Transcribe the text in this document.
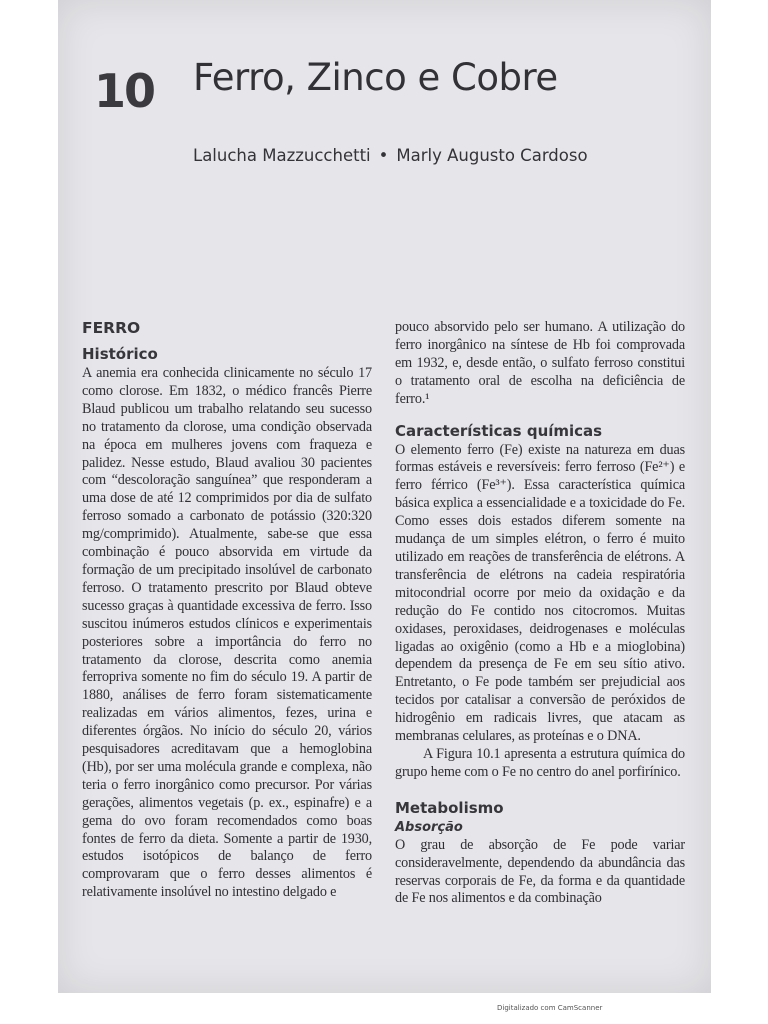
10 Ferro, Zinco e Cobre
Lalucha Mazzucchetti • Marly Augusto Cardoso
FERRO
Histórico

A anemia era conhecida clinicamente no século 17 como clorose. Em 1832, o médico francês Pierre Blaud publicou um trabalho relatando seu sucesso no tratamento da clorose, uma condição observada na época em mulheres jovens com fraqueza e palidez. Nesse estudo, Blaud avaliou 30 pacientes com “descoloração sanguínea” que responderam a uma dose de até 12 comprimidos por dia de sulfato ferroso somado a carbonato de potássio (320:320 mg/comprimido). Atualmente, sabe-se que essa combinação é pouco absorvida em virtude da formação de um precipitado insolúvel de carbonato ferroso. O tratamento prescrito por Blaud obteve sucesso graças à quantidade excessiva de ferro. Isso suscitou inúmeros estudos clínicos e experimentais posteriores sobre a importância do ferro no tratamento da clorose, descrita como anemia ferropriva somente no fim do século 19. A partir de 1880, análises de ferro foram sistematicamente realizadas em vários alimentos, fezes, urina e diferentes órgãos. No início do século 20, vários pesquisadores acreditavam que a hemoglobina (Hb), por ser uma molécula grande e complexa, não teria o ferro inorgânico como precursor. Por várias gerações, alimentos vegetais (p. ex., espinafre) e a gema do ovo foram recomendados como boas fontes de ferro da dieta. Somente a partir de 1930, estudos isotópicos de balanço de ferro comprovaram que o ferro desses alimentos é relativamente insolúvel no intestino delgado e

pouco absorvido pelo ser humano. A utilização do ferro inorgânico na síntese de Hb foi comprovada em 1932, e, desde então, o sulfato ferroso constitui o tratamento oral de escolha na deficiência de ferro.¹

Características químicas

O elemento ferro (Fe) existe na natureza em duas formas estáveis e reversíveis: ferro ferroso (Fe²⁺) e ferro férrico (Fe³⁺). Essa característica química básica explica a essencialidade e a toxicidade do Fe. Como esses dois estados diferem somente na mudança de um simples elétron, o ferro é muito utilizado em reações de transferência de elétrons. A transferência de elétrons na cadeia respiratória mitocondrial ocorre por meio da oxidação e da redução do Fe contido nos citocromos. Muitas oxidases, peroxidases, deidrogenases e moléculas ligadas ao oxigênio (como a Hb e a mioglobina) dependem da presença de Fe em seu sítio ativo. Entretanto, o Fe pode também ser prejudicial aos tecidos por catalisar a conversão de peróxidos de hidrogênio em radicais livres, que atacam as membranas celulares, as proteínas e o DNA.

A Figura 10.1 apresenta a estrutura química do grupo heme com o Fe no centro do anel porfirínico.

Metabolismo
Absorção

O grau de absorção de Fe pode variar consideravelmente, dependendo da abundância das reservas corporais de Fe, da forma e da quantidade de Fe nos alimentos e da combinação

Digitalizado com CamScanner
